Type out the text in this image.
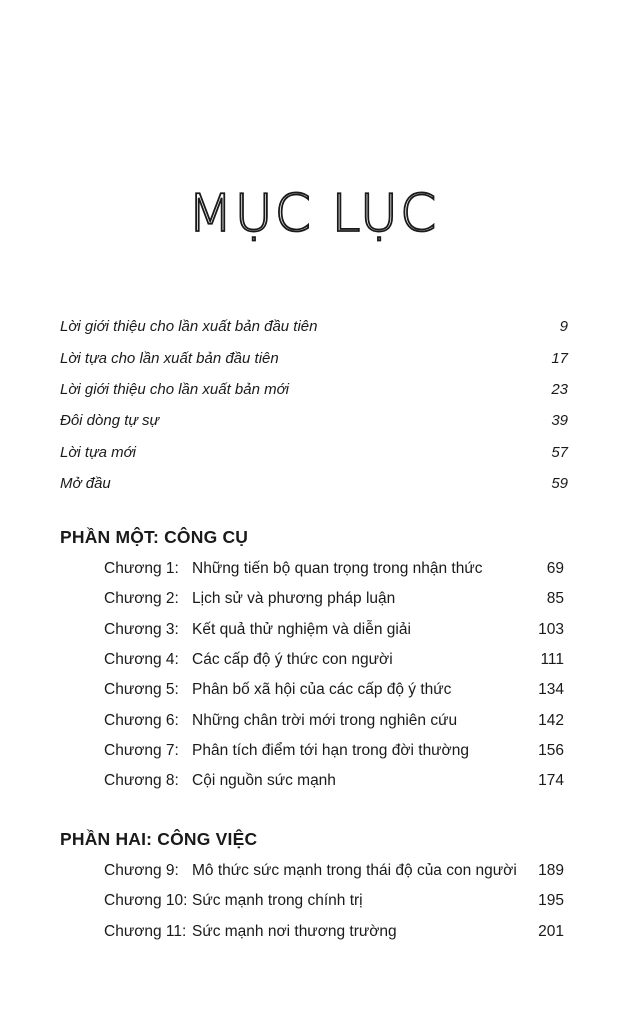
MỤC LỤC
Lời giới thiệu cho lần xuất bản đầu tiên	9
Lời tựa cho lần xuất bản đầu tiên	17
Lời giới thiệu cho lần xuất bản mới	23
Đôi dòng tự sự	39
Lời tựa mới	57
Mở đầu	59
PHẦN MỘT: CÔNG CỤ
Chương 1: Những tiến bộ quan trọng trong nhận thức	69
Chương 2: Lịch sử và phương pháp luận	85
Chương 3: Kết quả thử nghiệm và diễn giải	103
Chương 4: Các cấp độ ý thức con người	111
Chương 5: Phân bố xã hội của các cấp độ ý thức	134
Chương 6: Những chân trời mới trong nghiên cứu	142
Chương 7: Phân tích điểm tới hạn trong đời thường	156
Chương 8: Cội nguồn sức mạnh	174
PHẦN HAI: CÔNG VIỆC
Chương 9: Mô thức sức mạnh trong thái độ của con người	189
Chương 10: Sức mạnh trong chính trị	195
Chương 11: Sức mạnh nơi thương trường	201
